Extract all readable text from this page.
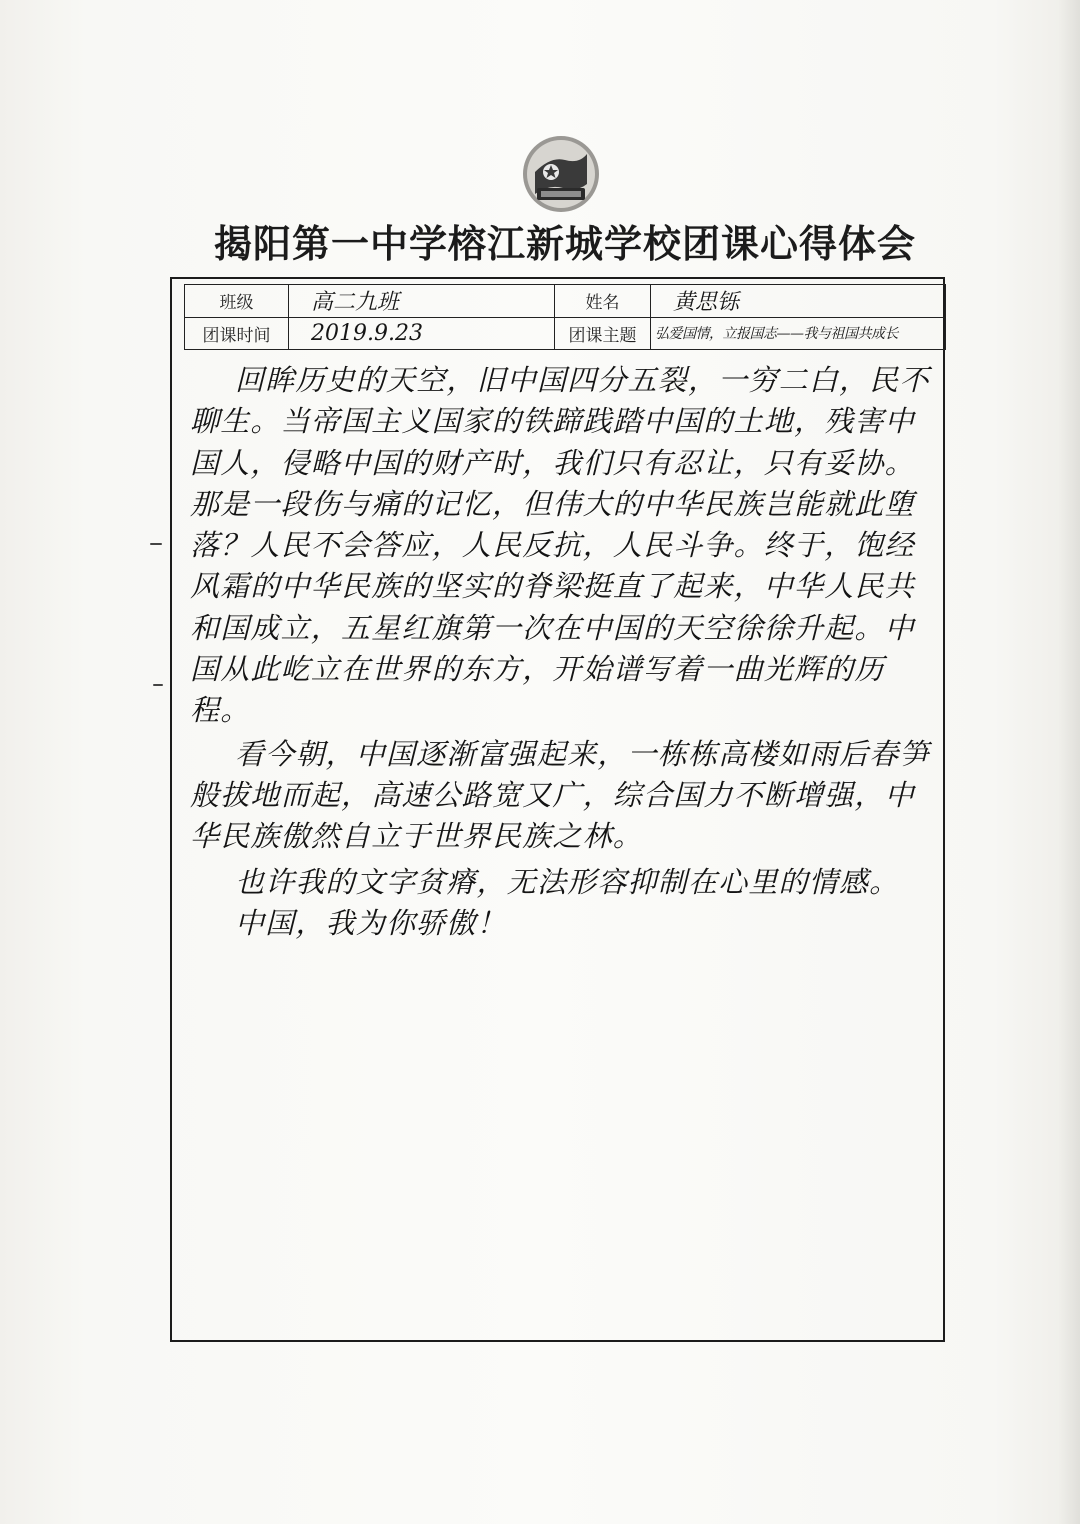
揭阳第一中学榕江新城学校团课心得体会
班级	高二九班	姓名	黄思铄
团课时间	2019.9.23	团课主题	弘爱国情，立报国志——我与祖国共成长

回眸历史的天空，旧中国四分五裂，一穷二白，民不聊生。当帝国主义国家的铁蹄践踏中国的土地，残害中国人，侵略中国的财产时，我们只有忍让，只有妥协。那是一段伤与痛的记忆，但伟大的中华民族岂能就此堕落？人民不会答应，人民反抗，人民斗争。终于，饱经风霜的中华民族的坚实的脊梁挺直了起来，中华人民共和国成立，五星红旗第一次在中国的天空徐徐升起。中国从此屹立在世界的东方，开始谱写着一曲光辉的历程。

看今朝，中国逐渐富强起来，一栋栋高楼如雨后春笋般拔地而起，高速公路宽又广，综合国力不断增强，中华民族傲然自立于世界民族之林。

也许我的文字贫瘠，无法形容抑制在心里的情感。

中国，我为你骄傲！
